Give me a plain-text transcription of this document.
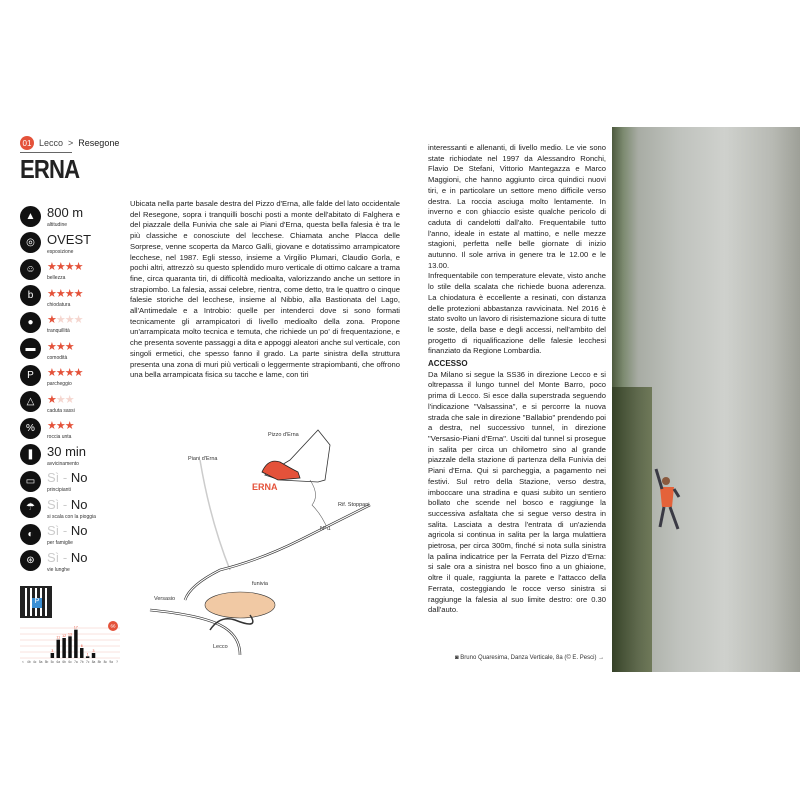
01 Lecco > Resegone
ERNA
▲ 800 m
altitudine
◎ OVEST
esposizione
☺	★★★★
bellezza
b	★★★★
chiodatura
●	★★★★
tranquillità
▬	★★★
comodità
P	★★★★
parcheggio
△	★★★
caduta sassi
%	★★★
roccia unta
❚ 30 min
avvicinamento
▭ Sì - No
principianti
☂ Sì - No
si scala con la pioggia
◐	Sì - No
per famiglie
⊛ Sì - No
vie lunghe
P
< 4b 4c 5a 5b
3
5c
11
6a
12
6b
13
6c
17
7a
6
7b
1
7c
3
8a 8b 8c 9a ?
66
Ubicata nella parte basale destra del Pizzo d'Erna, alle falde del lato occidentale del Resegone, sopra i tranquilli boschi posti a monte dell'abitato di Falghera e del piazzale della Funivia che sale ai Piani d'Erna, questa bella falesia è tra le più classiche e conosciute del lecchese. Chiamata anche Placca delle Sorprese, venne scoperta da Marco Galli, giovane e dotatissimo arrampicatore lecchese, nel 1987. Egli stesso, insieme a Virgilio Plumari, Claudio Gorla, e pochi altri, attrezzò su questo splendido muro verticale di ottimo calcare a trama fine, circa quaranta tiri, di difficoltà medioalta, valorizzando anche un settore in strapiombo. La falesia, assai celebre, rientra, come detto, tra le quattro o cinque falesie storiche del lecchese, insieme al Nibbio, alla Bastionata del Lago, all'Antimedale e a Introbio: quelle per intenderci dove si sono formati tecnicamente gli arrampicatori di livello medioalto della zona. Propone un'arrampicata molto tecnica e temuta, che richiede un po' di frequentazione, e che presenta sovente passaggi a dita e appoggi aleatori anche sul verticale, con singoli ermetici, che spesso fanno il grado. La parte sinistra della struttura presenta una zona di muri più verticali o leggermente strapiombanti, che offrono una bella arrampicata fisica su tacche e lame, con tiri

interessanti e allenanti, di livello medio. Le vie sono state richiodate nel 1997 da Alessandro Ronchi, Flavio De Stefani, Vittorio Mantegazza e Marco Maggioni, che hanno aggiunto circa quindici nuovi tiri, e in particolare un settore meno difficile verso destra. La roccia asciuga molto lentamente. In inverno e con ghiaccio esiste qualche pericolo di caduta di candelotti dall'alto. Frequentabile tutto l'anno, ideale in estate al mattino, e nelle mezze stagioni, perfetta nelle belle giornate di inizio autunno. Il sole arriva in genere tra le 12.00 e le 13.00.

Infrequentabile con temperature elevate, visto anche lo stile della scalata che richiede buona aderenza. La chiodatura è eccellente a resinati, con distanza delle protezioni abbastanza ravvicinata. Nel 2016 è stato svolto un lavoro di risistemazione sicura di tutte le soste, della base e degli accessi, nell'ambito del progetto di riqualificazione delle falesie lecchesi finanziato da Regione Lombardia.

ACCESSO

Da Milano si segue la SS36 in direzione Lecco e si oltrepassa il lungo tunnel del Monte Barro, poco prima di Lecco. Si esce dalla superstrada seguendo l'indicazione "Valsassina", e si percorre la nuova strada che sale in direzione "Ballabio" prendendo poi a destra, nel successivo tunnel, in direzione "Versasio-Piani d'Erna". Usciti dal tunnel si prosegue in salita per circa un chilometro sino al grande piazzale della stazione di partenza della Funivia dei Piani d'Erna. Qui si parcheggia, a pagamento nei festivi. Sul retro della Stazione, verso destra, imboccare una stradina e quasi subito un sentiero bollato che scende nel bosco e raggiunge la successiva asfaltata che si segue verso destra in salita. Lasciata a destra l'entrata di un'azienda agricola si continua in salita per la larga mulattiera pietrosa, per circa 300m, finché si nota sulla sinistra la palina indicatrice per la Ferrata del Pizzo d'Erna: si sale ora a sinistra nel bosco fino a un ghiaione, oltre il quale, raggiunta la parete e l'attacco della Ferrata, costeggiando le rocce verso sinistra si raggiunge la falesia al suo limite destro: ore 0.30 dall'auto.

Pizzo d'Erna
Piani d'Erna
ERNA
Rif. Stoppani
N° 1
Versasio
funivia
Lecco
◙ Bruno Quaresima, Danza Verticale, 8a (© E. Pesci) →
